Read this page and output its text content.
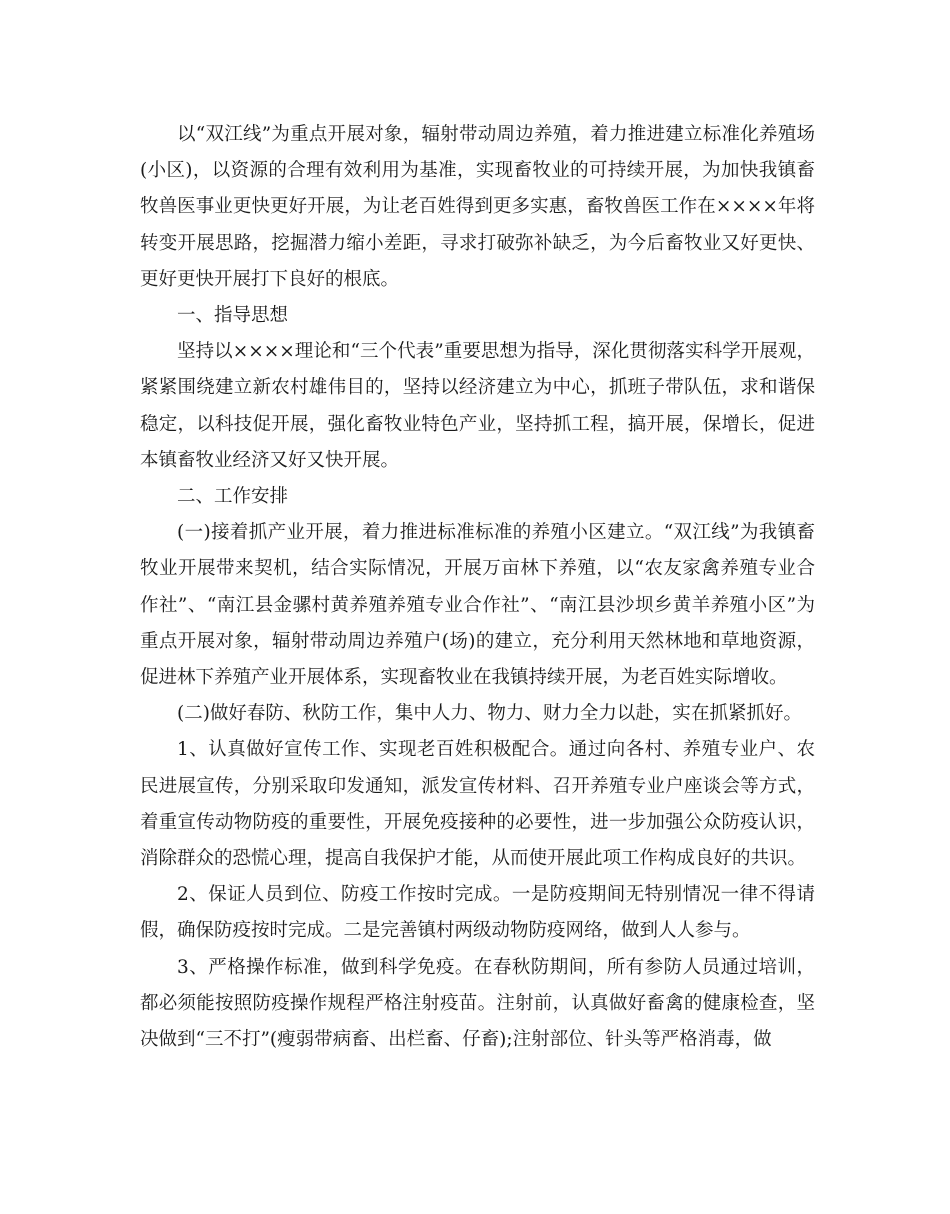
以“双江线”为重点开展对象，辐射带动周边养殖，着力推进建立标准化养殖场(小区)，以资源的合理有效利用为基准，实现畜牧业的可持续开展，为加快我镇畜牧兽医事业更快更好开展，为让老百姓得到更多实惠，畜牧兽医工作在××××年将转变开展思路，挖掘潜力缩小差距，寻求打破弥补缺乏，为今后畜牧业又好更快、更好更快开展打下良好的根底。

一、指导思想

坚持以××××理论和“三个代表”重要思想为指导，深化贯彻落实科学开展观，紧紧围绕建立新农村雄伟目的，坚持以经济建立为中心，抓班子带队伍，求和谐保稳定，以科技促开展，强化畜牧业特色产业，坚持抓工程，搞开展，保增长，促进本镇畜牧业经济又好又快开展。

二、工作安排

(一)接着抓产业开展，着力推进标准标准的养殖小区建立。“双江线”为我镇畜牧业开展带来契机，结合实际情况，开展万亩林下养殖，以“农友家禽养殖专业合作社”、“南江县金骡村黄养殖养殖专业合作社”、“南江县沙坝乡黄羊养殖小区”为重点开展对象，辐射带动周边养殖户(场)的建立，充分利用天然林地和草地资源，促进林下养殖产业开展体系，实现畜牧业在我镇持续开展，为老百姓实际增收。

(二)做好春防、秋防工作，集中人力、物力、财力全力以赴，实在抓紧抓好。

1、认真做好宣传工作、实现老百姓积极配合。通过向各村、养殖专业户、农民进展宣传，分别采取印发通知，派发宣传材料、召开养殖专业户座谈会等方式，着重宣传动物防疫的重要性，开展免疫接种的必要性，进一步加强公众防疫认识，消除群众的恐慌心理，提高自我保护才能，从而使开展此项工作构成良好的共识。

2、保证人员到位、防疫工作按时完成。一是防疫期间无特别情况一律不得请假，确保防疫按时完成。二是完善镇村两级动物防疫网络，做到人人参与。

3、严格操作标准，做到科学免疫。在春秋防期间，所有参防人员通过培训，都必须能按照防疫操作规程严格注射疫苗。注射前，认真做好畜禽的健康检查，坚决做到“三不打”(瘦弱带病畜、出栏畜、仔畜);注射部位、针头等严格消毒，做
